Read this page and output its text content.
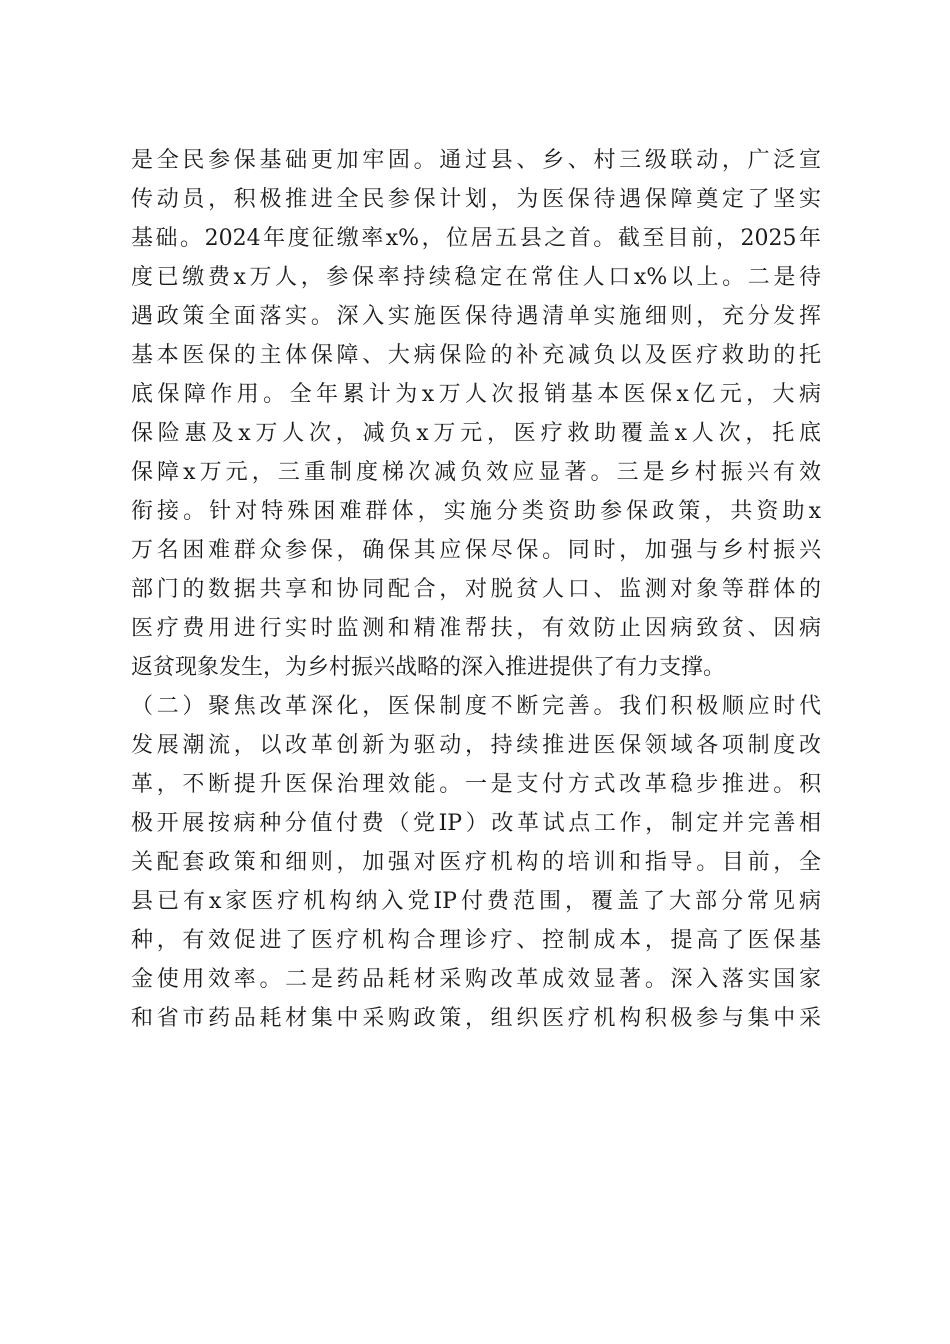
是全民参保基础更加牢固。通过县、乡、村三级联动，广泛宣
传动员，积极推进全民参保计划，为医保待遇保障奠定了坚实
基础。2024年度征缴率x%，位居五县之首。截至目前，2025年
度已缴费x万人，参保率持续稳定在常住人口x%以上。二是待
遇政策全面落实。深入实施医保待遇清单实施细则，充分发挥
基本医保的主体保障、大病保险的补充减负以及医疗救助的托
底保障作用。全年累计为x万人次报销基本医保x亿元，大病
保险惠及x万人次，减负x万元，医疗救助覆盖x人次，托底
保障x万元，三重制度梯次减负效应显著。三是乡村振兴有效
衔接。针对特殊困难群体，实施分类资助参保政策，共资助x
万名困难群众参保，确保其应保尽保。同时，加强与乡村振兴
部门的数据共享和协同配合，对脱贫人口、监测对象等群体的
医疗费用进行实时监测和精准帮扶，有效防止因病致贫、因病
返贫现象发生，为乡村振兴战略的深入推进提供了有力支撑。
（二）聚焦改革深化，医保制度不断完善。我们积极顺应时代
发展潮流，以改革创新为驱动，持续推进医保领域各项制度改
革，不断提升医保治理效能。一是支付方式改革稳步推进。积
极开展按病种分值付费（党IP）改革试点工作，制定并完善相
关配套政策和细则，加强对医疗机构的培训和指导。目前，全
县已有x家医疗机构纳入党IP付费范围，覆盖了大部分常见病
种，有效促进了医疗机构合理诊疗、控制成本，提高了医保基
金使用效率。二是药品耗材采购改革成效显著。深入落实国家
和省市药品耗材集中采购政策，组织医疗机构积极参与集中采
